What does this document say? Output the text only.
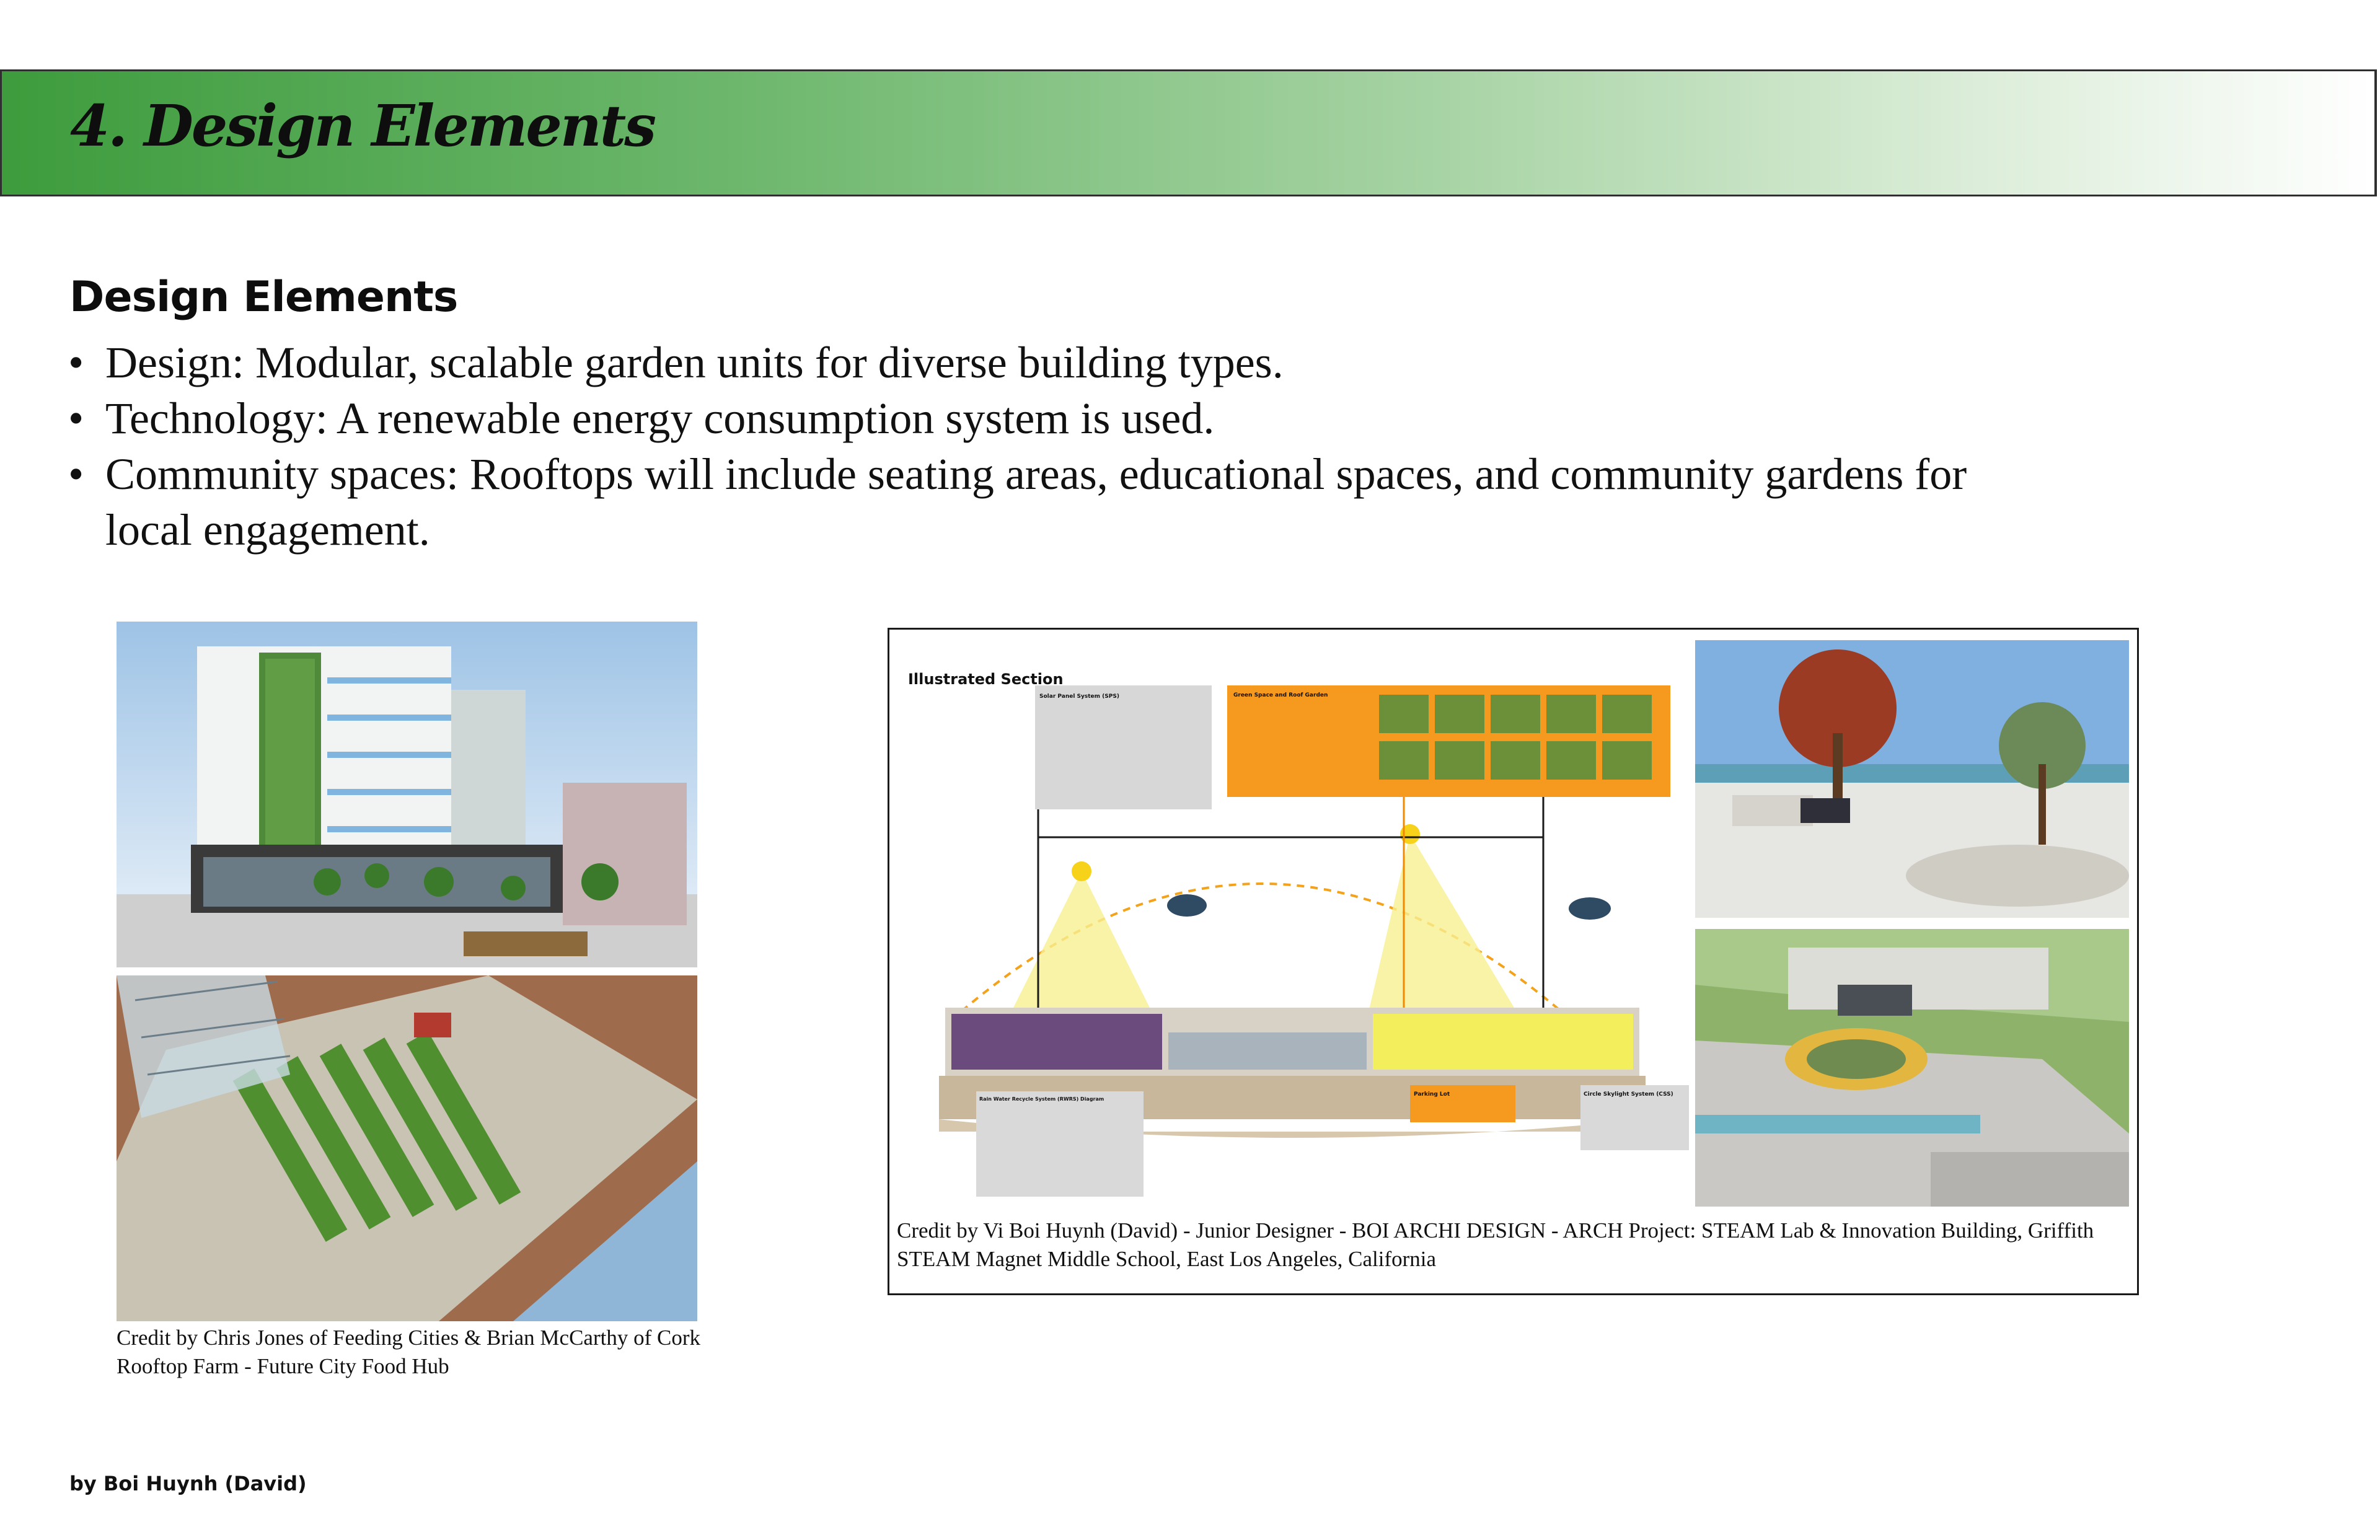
4. Design Elements
Design Elements
• Design: Modular, scalable garden units for diverse building types.
• Technology: A renewable energy consumption system is used.
• Community spaces: Rooftops will include seating areas, educational spaces, and community gardens for local engagement.
Credit by Chris Jones of Feeding Cities & Brian McCarthy of Cork Rooftop Farm - Future City Food Hub
Illustrated Section
Solar Panel System (SPS)	Green Space and Roof Garden
Rain Water Recycle System (RWRS) Diagram
Parking Lot	Circle Skylight System (CSS)
Credit by Vi Boi Huynh (David) - Junior Designer - BOI ARCHI DESIGN - ARCH Project: STEAM Lab & Innovation Building, Griffith STEAM Magnet Middle School, East Los Angeles, California
by Boi Huynh (David)
